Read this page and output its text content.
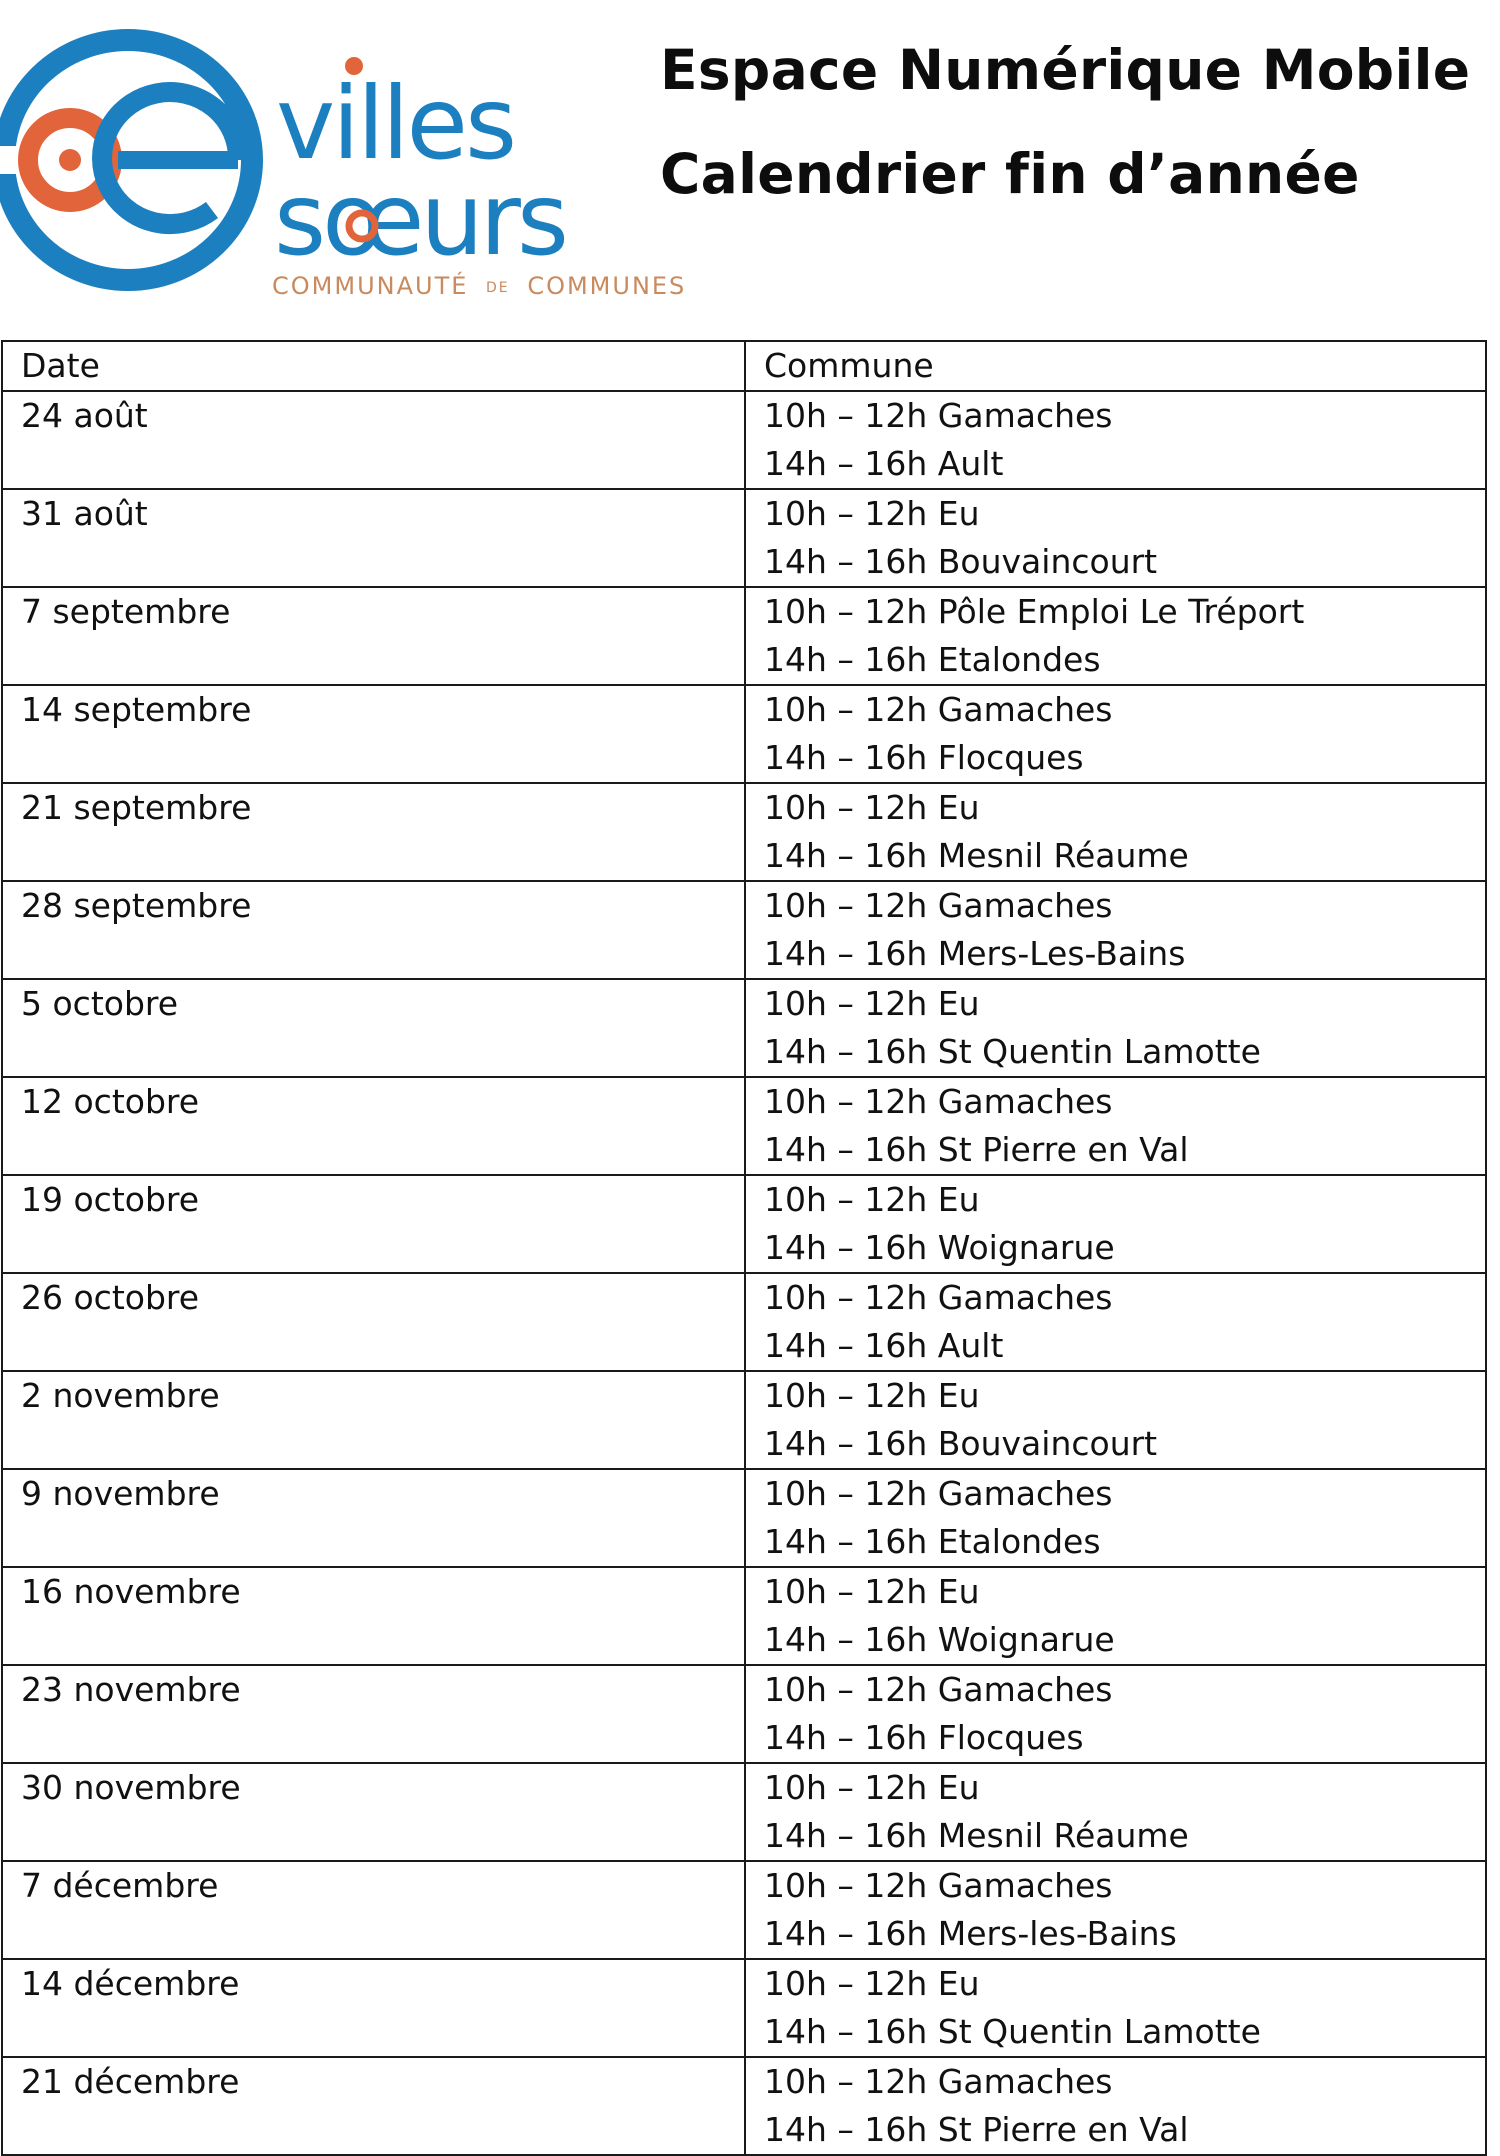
oe
villes
sœurs
COMMUNAUTÉ DE COMMUNES
Espace Numérique Mobile
Calendrier fin d’année
Date	Commune

24 août	10h – 12h Gamaches
14h – 16h Ault

31 août	10h – 12h Eu
14h – 16h Bouvaincourt

7 septembre	10h – 12h Pôle Emploi Le Tréport
14h – 16h Etalondes

14 septembre	10h – 12h Gamaches
14h – 16h Flocques

21 septembre	10h – 12h Eu
14h – 16h Mesnil Réaume

28 septembre	10h – 12h Gamaches
14h – 16h Mers-Les-Bains

5 octobre	10h – 12h Eu
14h – 16h St Quentin Lamotte

12 octobre	10h – 12h Gamaches
14h – 16h St Pierre en Val

19 octobre	10h – 12h Eu
14h – 16h Woignarue

26 octobre	10h – 12h Gamaches
14h – 16h Ault

2 novembre	10h – 12h Eu
14h – 16h Bouvaincourt

9 novembre	10h – 12h Gamaches
14h – 16h Etalondes

16 novembre	10h – 12h Eu
14h – 16h Woignarue

23 novembre	10h – 12h Gamaches
14h – 16h Flocques

30 novembre	10h – 12h Eu
14h – 16h Mesnil Réaume

7 décembre	10h – 12h Gamaches
14h – 16h Mers-les-Bains

14 décembre	10h – 12h Eu
14h – 16h St Quentin Lamotte

21 décembre	10h – 12h Gamaches
14h – 16h St Pierre en Val
